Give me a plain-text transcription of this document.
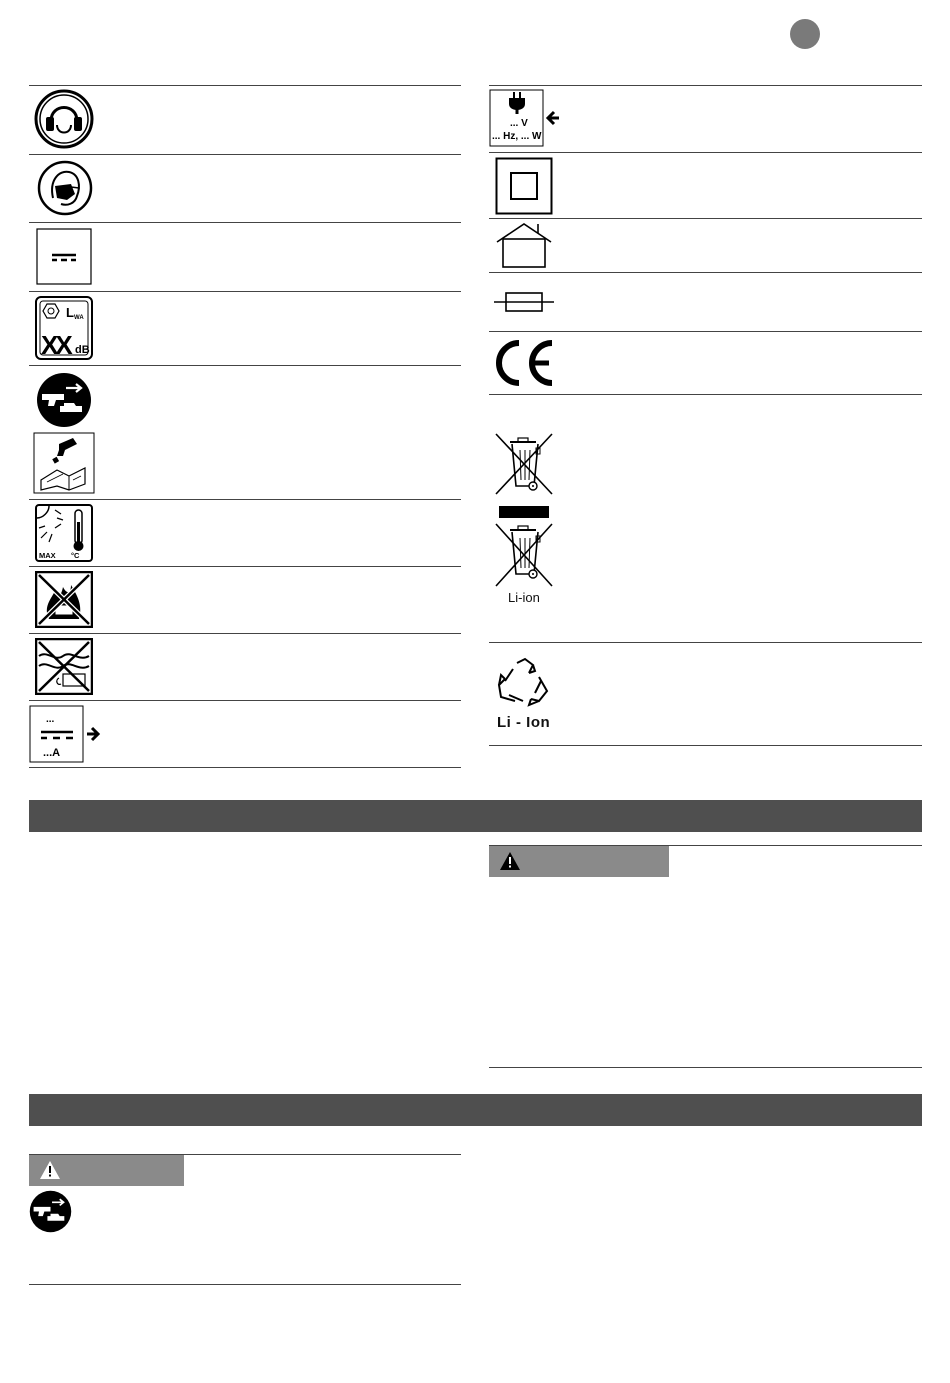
L WA
XX dB
MAX °C
...
...A
... V
... Hz, ... W
Li-ion
Li - Ion
